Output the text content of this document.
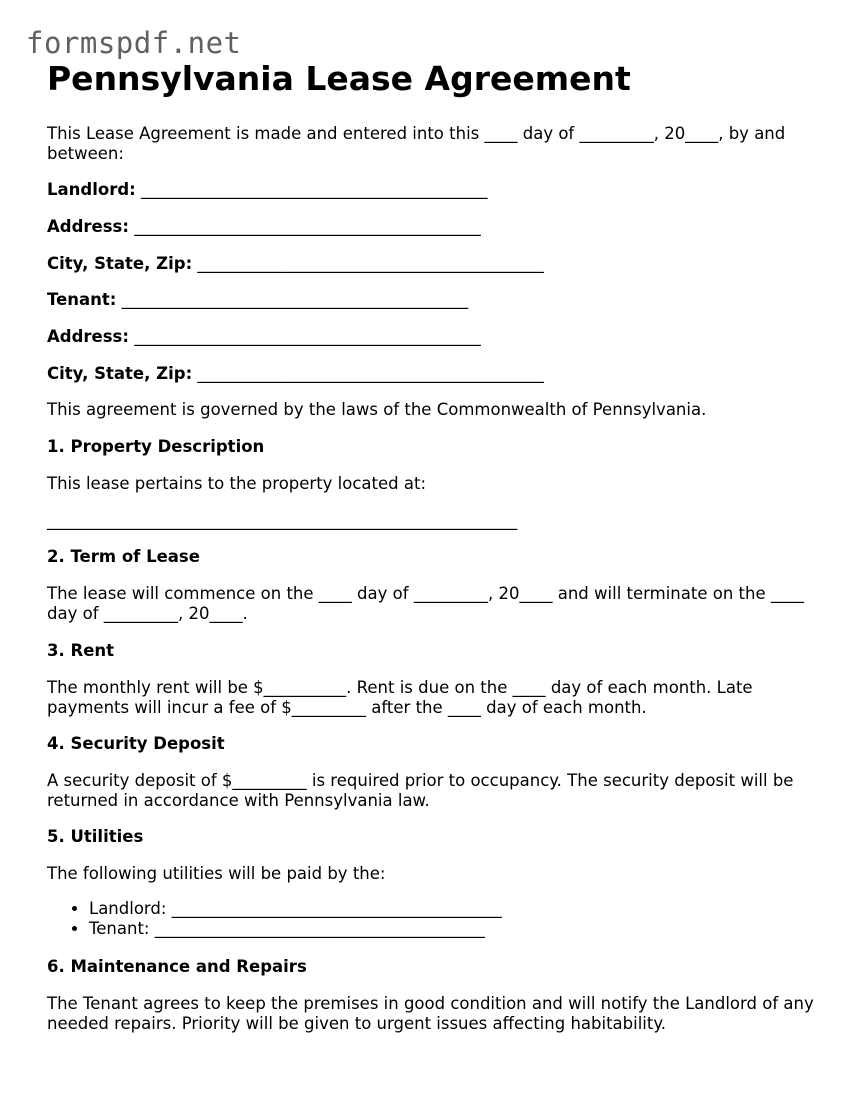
formspdf.net
Pennsylvania Lease Agreement

This Lease Agreement is made and entered into this ____ day of _________, 20____, by and between:

Landlord: __________________________________________

Address: __________________________________________

City, State, Zip: __________________________________________

Tenant: __________________________________________

Address: __________________________________________

City, State, Zip: __________________________________________

This agreement is governed by the laws of the Commonwealth of Pennsylvania.

1. Property Description

This lease pertains to the property located at:

_________________________________________________________

2. Term of Lease

The lease will commence on the ____ day of _________, 20____ and will terminate on the ____ day of _________, 20____.

3. Rent

The monthly rent will be $__________. Rent is due on the ____ day of each month. Late payments will incur a fee of $_________ after the ____ day of each month.

4. Security Deposit

A security deposit of $_________ is required prior to occupancy. The security deposit will be returned in accordance with Pennsylvania law.

5. Utilities

The following utilities will be paid by the:

• Landlord: ________________________________________
• Tenant: ________________________________________

6. Maintenance and Repairs

The Tenant agrees to keep the premises in good condition and will notify the Landlord of any needed repairs. Priority will be given to urgent issues affecting habitability.
